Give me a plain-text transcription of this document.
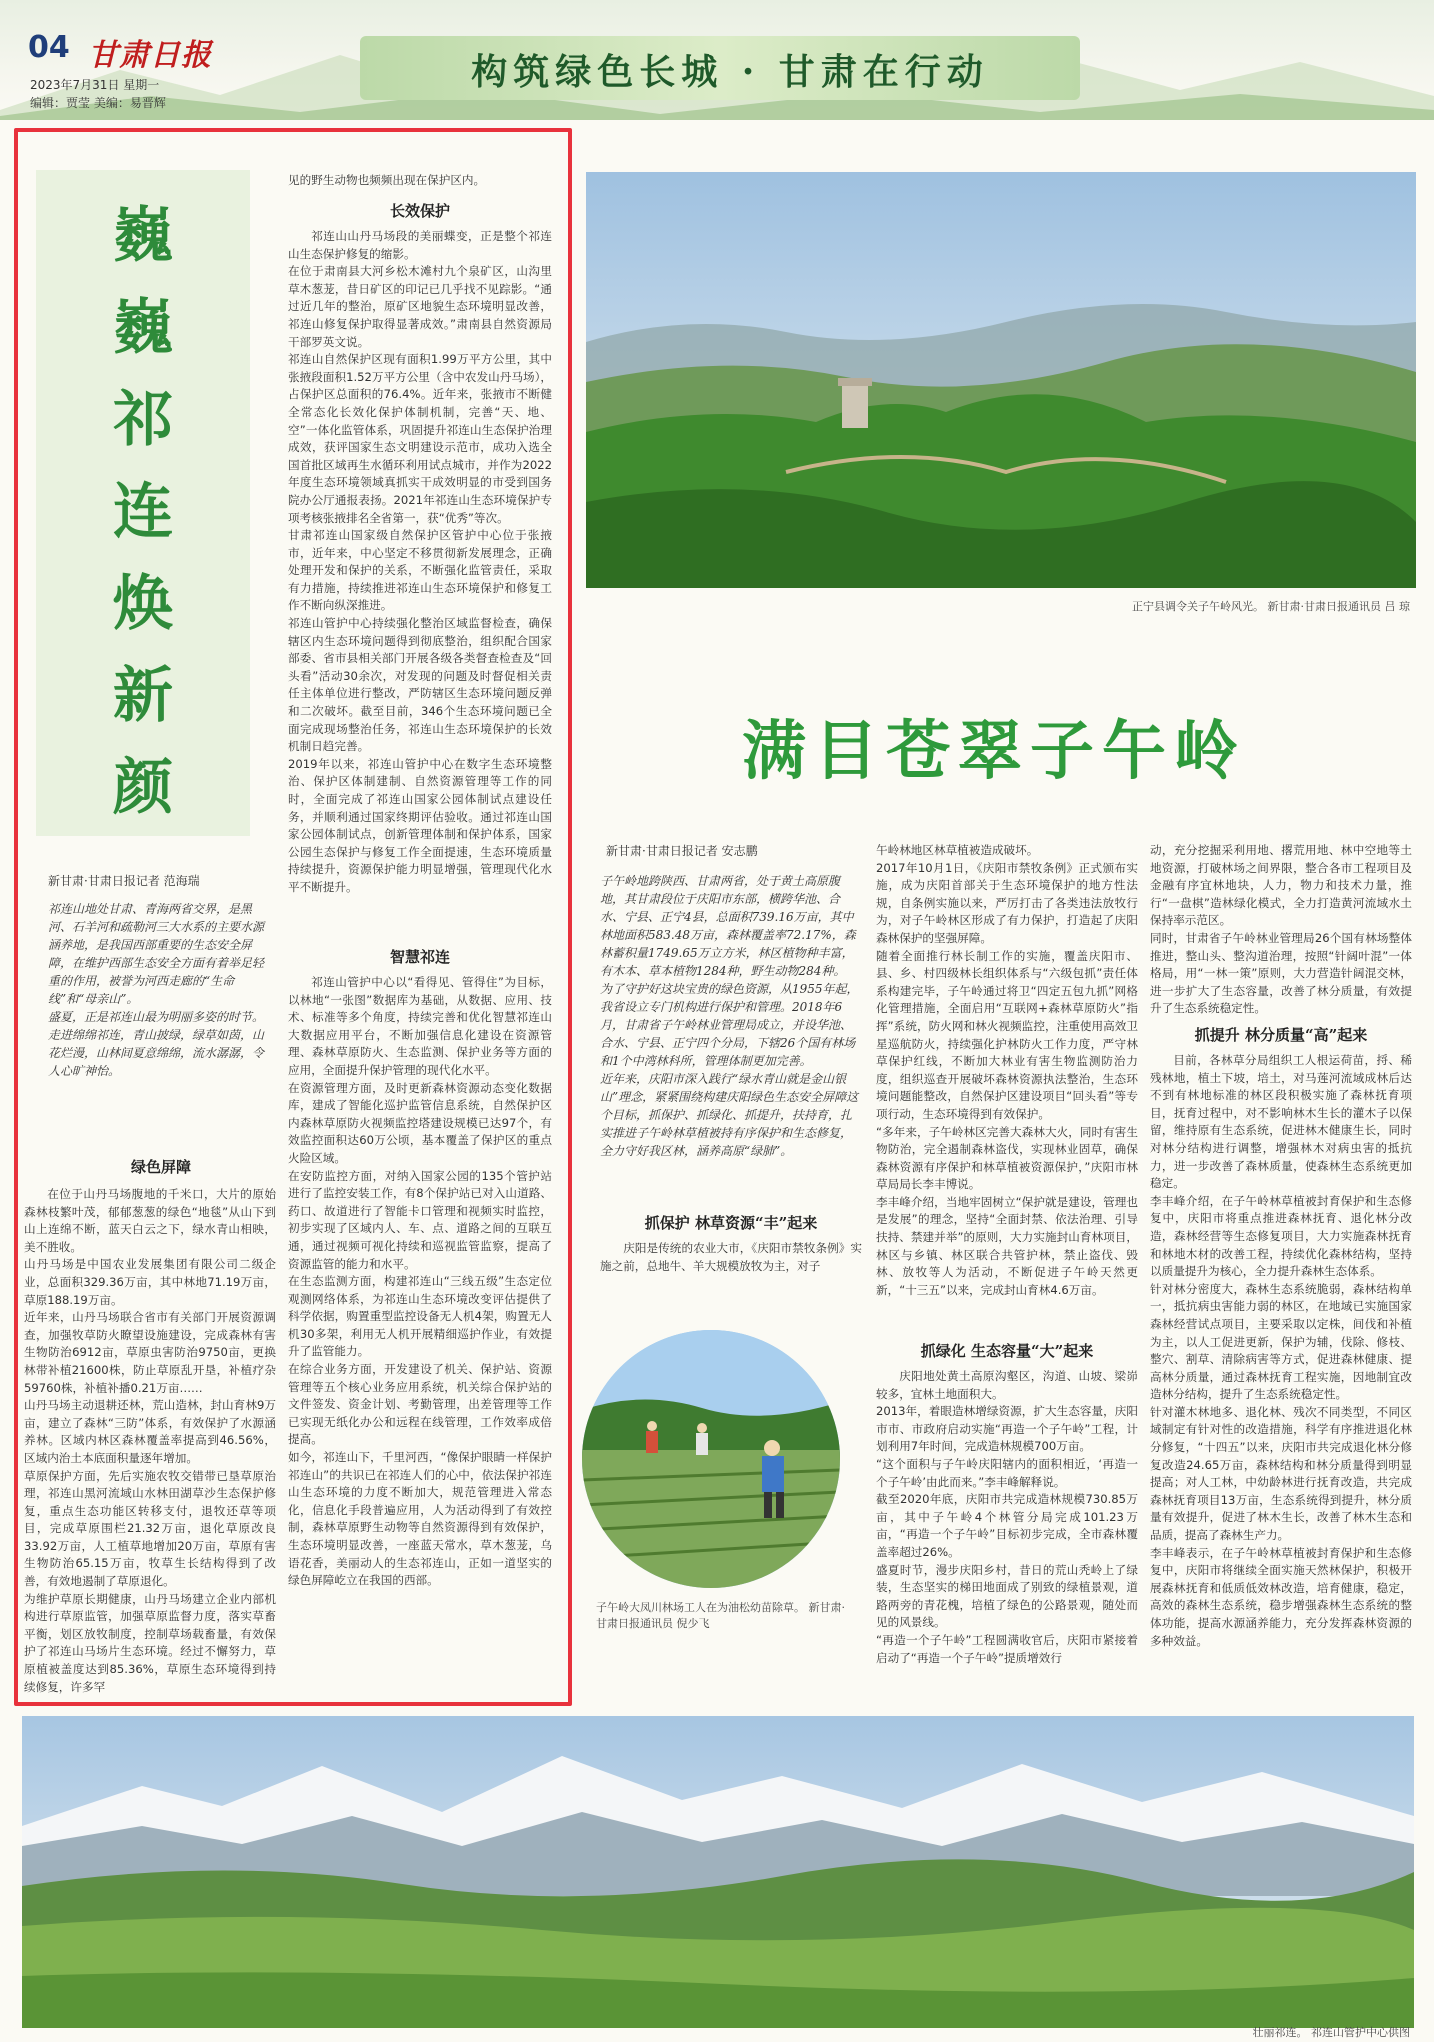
04 甘肃日报
2023年7月31日 星期一
编辑：贾莹 美编：易晋辉
构筑绿色长城 · 甘肃在行动
巍
巍
祁
连
焕
新
颜
新甘肃·甘肃日报记者 范海瑞
祁连山地处甘肃、青海两省交界，是黑河、石羊河和疏勒河三大水系的主要水源涵养地，是我国西部重要的生态安全屏障，在维护西部生态安全方面有着举足轻重的作用，被誉为河西走廊的“生命线”和“母亲山”。
盛夏，正是祁连山最为明丽多姿的时节。走进绵绵祁连，青山披绿，绿草如茵，山花烂漫，山林间夏意绵绵，流水潺潺，令人心旷神怡。
绿色屏障
在位于山丹马场腹地的千米口，大片的原始森林枝繁叶茂，郁郁葱葱的绿色“地毯”从山下到山上连绵不断，蓝天白云之下，绿水青山相映，美不胜收。
山丹马场是中国农业发展集团有限公司二级企业，总面积329.36万亩，其中林地71.19万亩，草原188.19万亩。
近年来，山丹马场联合省市有关部门开展资源调查，加强牧草防火瞭望设施建设，完成森林有害生物防治6912亩，草原虫害防治9750亩，更换林带补植21600株，防止草原乱开垦，补植疗杂59760株，补植补播0.21万亩……
山丹马场主动退耕还林，荒山造林，封山育林9万亩，建立了森林“三防”体系，有效保护了水源涵养林。区域内林区森林覆盖率提高到46.56%，区域内治土本底面积量逐年增加。
草原保护方面，先后实施农牧交错带已垦草原治理，祁连山黑河流域山水林田湖草沙生态保护修复，重点生态功能区转移支付，退牧还草等项目，完成草原围栏21.32万亩，退化草原改良33.92万亩，人工植草地增加20万亩，草原有害生物防治65.15万亩，牧草生长结构得到了改善，有效地遏制了草原退化。
为维护草原长期健康，山丹马场建立企业内部机构进行草原监管，加强草原监督力度，落实草畜平衡，划区放牧制度，控制草场载畜量，有效保护了祁连山马场片生态环境。经过不懈努力，草原植被盖度达到85.36%，草原生态环境得到持续修复，许多罕
见的野生动物也频频出现在保护区内。
长效保护
祁连山山丹马场段的美丽蝶变，正是整个祁连山生态保护修复的缩影。
在位于肃南县大河乡松木滩村九个泉矿区，山沟里草木葱茏，昔日矿区的印记已几乎找不见踪影。“通过近几年的整治，原矿区地貌生态环境明显改善，祁连山修复保护取得显著成效。”肃南县自然资源局干部罗英文说。
祁连山自然保护区现有面积1.99万平方公里，其中张掖段面积1.52万平方公里（含中农发山丹马场），占保护区总面积的76.4%。近年来，张掖市不断健全常态化长效化保护体制机制，完善“天、地、空”一体化监管体系，巩固提升祁连山生态保护治理成效，获评国家生态文明建设示范市，成功入选全国首批区域再生水循环利用试点城市，并作为2022年度生态环境领域真抓实干成效明显的市受到国务院办公厅通报表扬。2021年祁连山生态环境保护专项考核张掖排名全省第一，获“优秀”等次。
甘肃祁连山国家级自然保护区管护中心位于张掖市，近年来，中心坚定不移贯彻新发展理念，正确处理开发和保护的关系，不断强化监管责任，采取有力措施，持续推进祁连山生态环境保护和修复工作不断向纵深推进。
祁连山管护中心持续强化整治区域监督检查，确保辖区内生态环境问题得到彻底整治，组织配合国家部委、省市县相关部门开展各级各类督查检查及“回头看”活动30余次，对发现的问题及时督促相关责任主体单位进行整改，严防辖区生态环境问题反弹和二次破坏。截至目前，346个生态环境问题已全面完成现场整治任务，祁连山生态环境保护的长效机制日趋完善。
2019年以来，祁连山管护中心在数字生态环境整治、保护区体制建制、自然资源管理等工作的同时，全面完成了祁连山国家公园体制试点建设任务，并顺利通过国家终期评估验收。通过祁连山国家公园体制试点，创新管理体制和保护体系，国家公园生态保护与修复工作全面提速，生态环境质量持续提升，资源保护能力明显增强，管理现代化水平不断提升。
智慧祁连
祁连山管护中心以“看得见、管得住”为目标，以林地“一张图”数据库为基础，从数据、应用、技术、标准等多个角度，持续完善和优化智慧祁连山大数据应用平台，不断加强信息化建设在资源管理、森林草原防火、生态监测、保护业务等方面的应用，全面提升保护管理的现代化水平。
在资源管理方面，及时更新森林资源动态变化数据库，建成了智能化巡护监管信息系统，自然保护区内森林草原防火视频监控塔建设规模已达97个，有效监控面积达60万公顷，基本覆盖了保护区的重点火险区域。
在安防监控方面，对纳入国家公园的135个管护站进行了监控安装工作，有8个保护站已对入山道路、药口、故道进行了智能卡口管理和视频实时监控，初步实现了区域内人、车、点、道路之间的互联互通，通过视频可视化持续和巡视监管监察，提高了资源监管的能力和水平。
在生态监测方面，构建祁连山“三线五级”生态定位观测网络体系，为祁连山生态环境改变评估提供了科学依据，购置重型监控设备无人机4架，购置无人机30多架，利用无人机开展精细巡护作业，有效提升了监管能力。
在综合业务方面，开发建设了机关、保护站、资源管理等五个核心业务应用系统，机关综合保护站的文件签发、资金计划、考勤管理，出差管理等工作已实现无纸化办公和远程在线管理，工作效率成倍提高。
如今，祁连山下，千里河西，“像保护眼睛一样保护祁连山”的共识已在祁连人们的心中，依法保护祁连山生态环境的力度不断加大，规范管理进入常态化，信息化手段普遍应用，人为活动得到了有效控制，森林草原野生动物等自然资源得到有效保护，生态环境明显改善，一座蓝天常水，草木葱茏，乌语花香，美丽动人的生态祁连山，正如一道坚实的绿色屏障屹立在我国的西部。
正宁县调令关子午岭风光。 新甘肃·甘肃日报通讯员 吕 琼
满目苍翠子午岭
新甘肃·甘肃日报记者 安志鹏
子午岭地跨陕西、甘肃两省，处于黄土高原腹地，其甘肃段位于庆阳市东部，横跨华池、合水、宁县、正宁4县，总面积739.16万亩，其中林地面积583.48万亩，森林覆盖率72.17%，森林蓄积量1749.65万立方米，林区植物种丰富，有木本、草本植物1284种，野生动物284种。
为了守护好这块宝贵的绿色资源，从1955年起，我省设立专门机构进行保护和管理。2018年6月，甘肃省子午岭林业管理局成立，并设华池、合水、宁县、正宁四个分局，下辖26个国有林场和1个中湾林科所，管理体制更加完善。
近年来，庆阳市深入践行“绿水青山就是金山银山”理念，紧紧围绕构建庆阳绿色生态安全屏障这个目标，抓保护、抓绿化、抓提升，扶持育，扎实推进子午岭林草植被持有序保护和生态修复，全力守好我区林，涵养高原“绿肺”。
抓保护 林草资源“丰”起来
庆阳是传统的农业大市，《庆阳市禁牧条例》实施之前，总地牛、羊大规模放牧为主，对子
午岭林地区林草植被造成破坏。
2017年10月1日，《庆阳市禁牧条例》正式颁布实施，成为庆阳首部关于生态环境保护的地方性法规，自条例实施以来，严厉打击了各类违法放牧行为，对子午岭林区形成了有力保护，打造起了庆阳森林保护的坚强屏障。
随着全面推行林长制工作的实施，覆盖庆阳市、县、乡、村四级林长组织体系与“六级包抓”责任体系构建完毕，子午岭通过将卫“四定五包九抓”网格化管理措施，全面启用“互联网+森林草原防火”指挥”系统，防火网和林火视频监控，注重使用高效卫星巡航防火，持续强化护林防火工作力度，严守林草保护红线，不断加大林业有害生物监测防治力度，组织巡查开展破坏森林资源执法整治，生态环境问题能整改，自然保护区建设项目“回头看”等专项行动，生态环境得到有效保护。
“多年来，子午岭林区完善大森林大火，同时有害生物防治，完全遏制森林盗伐，实现林业固草，确保森林资源有序保护和林草植被资源保护，”庆阳市林草局局长李丰博说。
李丰峰介绍，当地牢固树立“保护就是建设，管理也是发展”的理念，坚持“全面封禁、依法治理、引导扶持、禁建并举”的原则，大力实施封山育林项目，林区与乡镇、林区联合共管护林，禁止盗伐、毁林、放牧等人为活动，不断促进子午岭天然更新，“十三五”以来，完成封山育林4.6万亩。
抓绿化 生态容量“大”起来
庆阳地处黄土高原沟壑区，沟道、山坡、梁峁较多，宜林土地面积大。
2013年，着眼造林增绿资源，扩大生态容量，庆阳市市、市政府启动实施“再造一个子午岭”工程，计划利用7年时间，完成造林规模700万亩。
“这个面积与子午岭庆阳辖内的面积相近，‘再造一个子午岭’由此而来。”李丰峰解释说。
截至2020年底，庆阳市共完成造林规模730.85万亩，其中子午岭4个林管分局完成101.23万亩，“再造一个子午岭”目标初步完成，全市森林覆盖率超过26%。
盛夏时节，漫步庆阳乡村，昔日的荒山秃岭上了绿装，生态坚实的梯田地面成了别致的绿植景观，道路两旁的青花槐，培植了绿色的公路景观，随处而见的风景线。
“再造一个子午岭”工程圆满收官后，庆阳市紧接着启动了“再造一个子午岭”提质增效行
动，充分挖掘采利用地、撂荒用地、林中空地等土地资源，打破林场之间界限，整合各市工程项目及金融有序宜林地块，人力，物力和技术力量，推行“一盘棋”造林绿化模式，全力打造黄河流域水土保持率示范区。
同时，甘肃省子午岭林业管理局26个国有林场整体推进，整山头、整沟道治理，按照“针阔叶混”一体格局，用“一林一策”原则，大力营造针阔混交林，进一步扩大了生态容量，改善了林分质量，有效提升了生态系统稳定性。
抓提升 林分质量“高”起来
目前，各林草分局组织工人根运荷苗，捋、稀残林地，植土下坡，培土，对马莲河流域成林后达不到有林地标准的林区段积极实施了森林抚育项目，抚育过程中，对不影响林木生长的灌木子以保留，维持原有生态系统，促进林木健康生长，同时对林分结构进行调整，增强林木对病虫害的抵抗力，进一步改善了森林质量，使森林生态系统更加稳定。
李丰峰介绍，在子午岭林草植被封育保护和生态修复中，庆阳市将重点推进森林抚育、退化林分改造，森林经营等生态修复项目，大力实施森林抚育和林地木材的改善工程，持续优化森林结构，坚持以质量提升为核心，全力提升森林生态体系。
针对林分密度大，森林生态系统脆弱，森林结构单一，抵抗病虫害能力弱的林区，在地域已实施国家森林经营试点项目，主要采取以定株，间伐和补植为主，以人工促进更新，保护为辅，伐除、修枝、整穴、割草、清除病害等方式，促进森林健康、提高林分质量，通过森林抚育工程实施，因地制宜改造林分结构，提升了生态系统稳定性。
针对灌木林地多、退化林、残次不同类型，不同区域制定有针对性的改造措施，科学有序推进退化林分修复，“十四五”以来，庆阳市共完成退化林分修复改造24.65万亩，森林结构和林分质量得到明显提高；对人工林，中幼龄林进行抚育改造，共完成森林抚育项目13万亩，生态系统得到提升，林分质量有效提升，促进了林木生长，改善了林木生态和品质，提高了森林生产力。
李丰峰表示，在子午岭林草植被封育保护和生态修复中，庆阳市将继续全面实施天然林保护，积极开展森林抚育和低质低效林改造，培育健康，稳定，高效的森林生态系统，稳步增强森林生态系统的整体功能，提高水源涵养能力，充分发挥森林资源的多种效益。
子午岭大凤川林场工人在为油松幼苗除草。 新甘肃·甘肃日报通讯员 倪少飞
壮丽祁连。 祁连山管护中心供图
